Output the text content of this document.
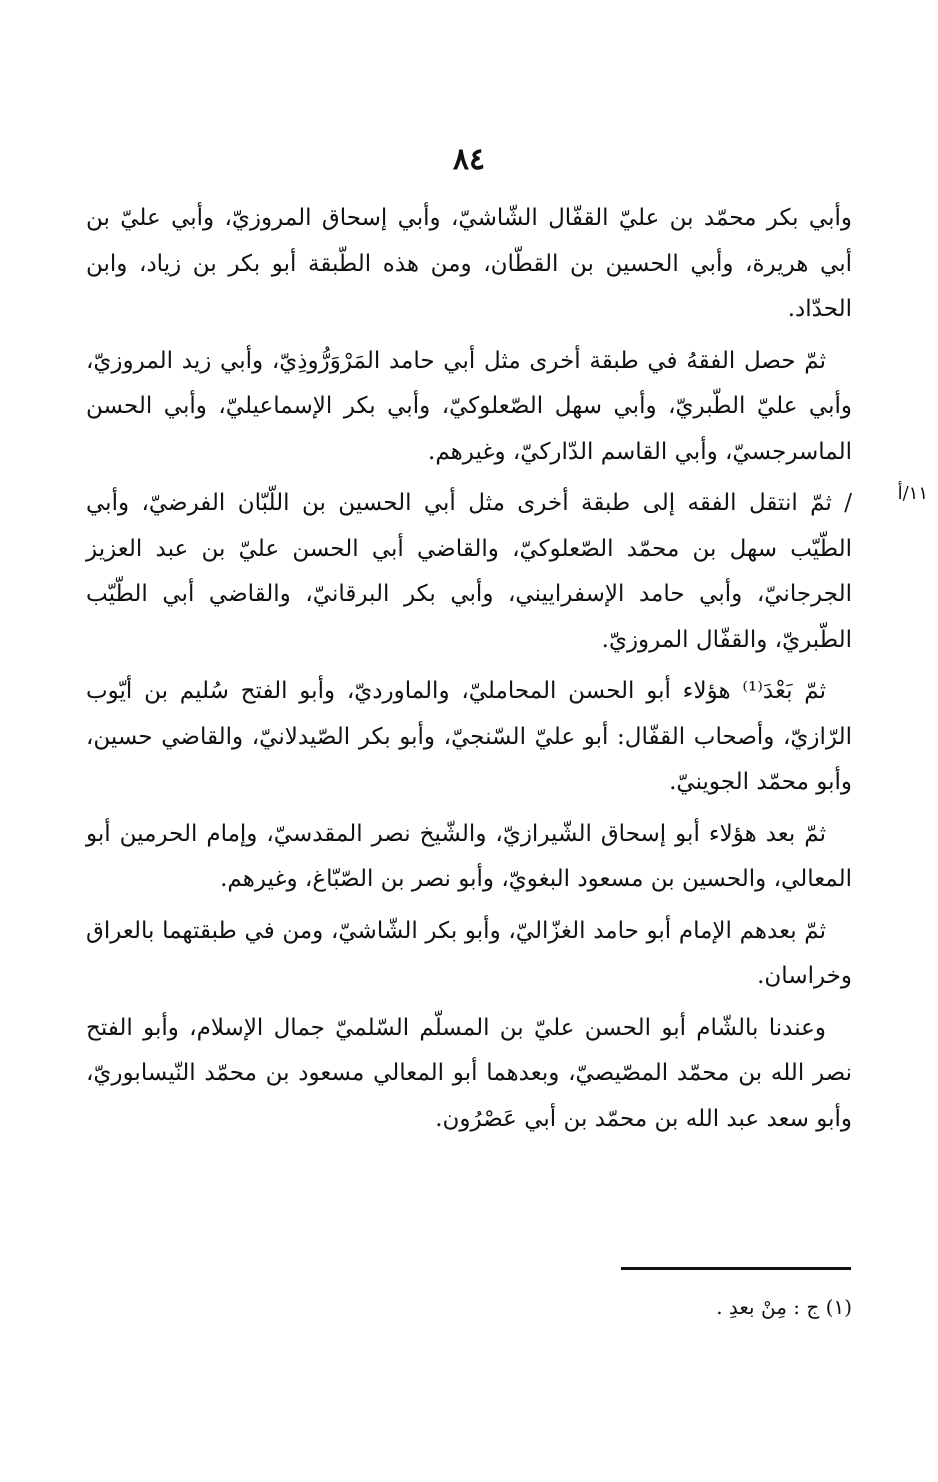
٨٤
١١/أ

وأبي بكر محمّد بن عليّ القفّال الشّاشيّ، وأبي إسحاق المروزيّ، وأبي عليّ بن أبي هريرة، وأبي الحسين بن القطّان، ومن هذه الطّبقة أبو بكر بن زياد، وابن الحدّاد.

ثمّ حصل الفقهُ في طبقة أخرى مثل أبي حامد المَرْوَرُّوذِيّ، وأبي زيد المروزيّ، وأبي عليّ الطّبريّ، وأبي سهل الصّعلوكيّ، وأبي بكر الإسماعيليّ، وأبي الحسن الماسرجسيّ، وأبي القاسم الدّاركيّ، وغيرهم.

/ ثمّ انتقل الفقه إلى طبقة أخرى مثل أبي الحسين بن اللّبّان الفرضيّ، وأبي الطّيّب سهل بن محمّد الصّعلوكيّ، والقاضي أبي الحسن عليّ بن عبد العزيز الجرجانيّ، وأبي حامد الإسفراييني، وأبي بكر البرقانيّ، والقاضي أبي الطّيّب الطّبريّ، والقفّال المروزيّ.

ثمّ بَعْدَ⁽¹⁾ هؤلاء أبو الحسن المحامليّ، والماورديّ، وأبو الفتح سُليم بن أيّوب الرّازيّ، وأصحاب القفّال: أبو عليّ السّنجيّ، وأبو بكر الصّيدلانيّ، والقاضي حسين، وأبو محمّد الجوينيّ.

ثمّ بعد هؤلاء أبو إسحاق الشّيرازيّ، والشّيخ نصر المقدسيّ، وإمام الحرمين أبو المعالي، والحسين بن مسعود البغويّ، وأبو نصر بن الصّبّاغ، وغيرهم.

ثمّ بعدهم الإمام أبو حامد الغزّاليّ، وأبو بكر الشّاشيّ، ومن في طبقتهما بالعراق وخراسان.

وعندنا بالشّام أبو الحسن عليّ بن المسلّم السّلميّ جمال الإسلام، وأبو الفتح نصر الله بن محمّد المصّيصيّ، وبعدهما أبو المعالي مسعود بن محمّد النّيسابوريّ، وأبو سعد عبد الله بن محمّد بن أبي عَصْرُون.

(١) ج : مِنْ بعدِ .
